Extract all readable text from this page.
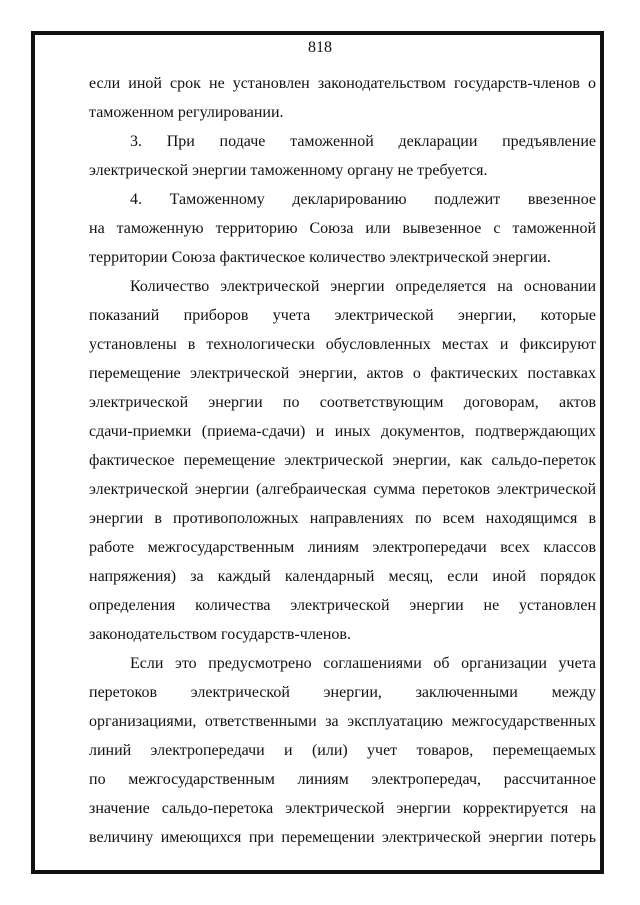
818
если иной срок не установлен законодательством государств-членов о
таможенном регулировании.
3. При подаче таможенной декларации предъявление
электрической энергии таможенному органу не требуется.
4. Таможенному декларированию подлежит ввезенное
на таможенную территорию Союза или вывезенное с таможенной
территории Союза фактическое количество электрической энергии.
Количество электрической энергии определяется на основании
показаний приборов учета электрической энергии, которые
установлены в технологически обусловленных местах и фиксируют
перемещение электрической энергии, актов о фактических поставках
электрической энергии по соответствующим договорам, актов
сдачи-приемки (приема-сдачи) и иных документов, подтверждающих
фактическое перемещение электрической энергии, как сальдо-переток
электрической энергии (алгебраическая сумма перетоков электрической
энергии в противоположных направлениях по всем находящимся в
работе межгосударственным линиям электропередачи всех классов
напряжения) за каждый календарный месяц, если иной порядок
определения количества электрической энергии не установлен
законодательством государств-членов.
Если это предусмотрено соглашениями об организации учета
перетоков электрической энергии, заключенными между
организациями, ответственными за эксплуатацию межгосударственных
линий электропередачи и (или) учет товаров, перемещаемых
по межгосударственным линиям электропередач, рассчитанное
значение сальдо-перетока электрической энергии корректируется на
величину имеющихся при перемещении электрической энергии потерь
